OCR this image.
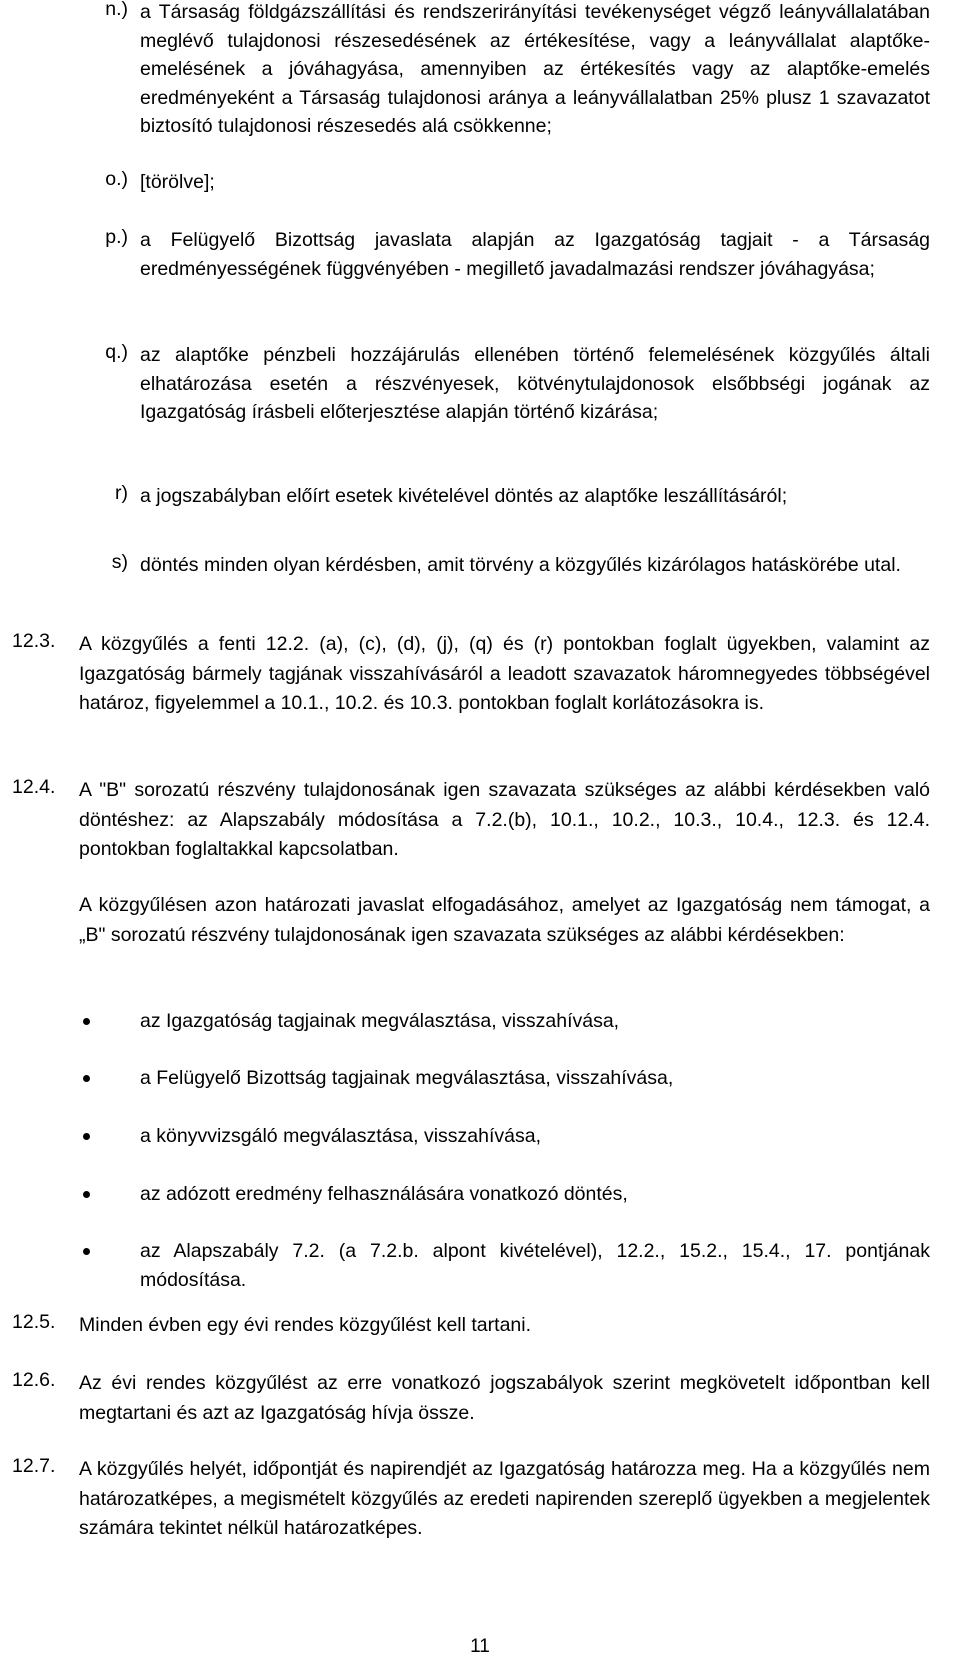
n.) a Társaság földgázszállítási és rendszerirányítási tevékenységet végző leányvállalatában meglévő tulajdonosi részesedésének az értékesítése, vagy a leányvállalat alaptőke-emelésének a jóváhagyása, amennyiben az értékesítés vagy az alaptőke-emelés eredményeként a Társaság tulajdonosi aránya a leányvállalatban 25% plusz 1 szavazatot biztosító tulajdonosi részesedés alá csökkenne;
o.) [törölve];
p.) a Felügyelő Bizottság javaslata alapján az Igazgatóság tagjait - a Társaság eredményességének függvényében - megillető javadalmazási rendszer jóváhagyása;
q.) az alaptőke pénzbeli hozzájárulás ellenében történő felemelésének közgyűlés általi elhatározása esetén a részvényesek, kötvénytulajdonosok elsőbbségi jogának az Igazgatóság írásbeli előterjesztése alapján történő kizárása;
r) a jogszabályban előírt esetek kivételével döntés az alaptőke leszállításáról;
s) döntés minden olyan kérdésben, amit törvény a közgyűlés kizárólagos hatáskörébe utal.
12.3.	A közgyűlés a fenti 12.2. (a), (c), (d), (j), (q) és (r) pontokban foglalt ügyekben, valamint az Igazgatóság bármely tagjának visszahívásáról a leadott szavazatok háromnegyedes többségével határoz, figyelemmel a 10.1., 10.2. és 10.3. pontokban foglalt korlátozásokra is.
12.4.	A "B" sorozatú részvény tulajdonosának igen szavazata szükséges az alábbi kérdésekben való döntéshez: az Alapszabály módosítása a 7.2.(b), 10.1., 10.2., 10.3., 10.4., 12.3. és 12.4. pontokban foglaltakkal kapcsolatban.
A közgyűlésen azon határozati javaslat elfogadásához, amelyet az Igazgatóság nem támogat, a „B" sorozatú részvény tulajdonosának igen szavazata szükséges az alábbi kérdésekben:
az Igazgatóság tagjainak megválasztása, visszahívása,
a Felügyelő Bizottság tagjainak megválasztása, visszahívása,
a könyvvizsgáló megválasztása, visszahívása,
az adózott eredmény felhasználására vonatkozó döntés,
az Alapszabály 7.2. (a 7.2.b. alpont kivételével), 12.2., 15.2., 15.4., 17. pontjának módosítása.
12.5.	Minden évben egy évi rendes közgyűlést kell tartani.
12.6.	Az évi rendes közgyűlést az erre vonatkozó jogszabályok szerint megkövetelt időpontban kell megtartani és azt az Igazgatóság hívja össze.
12.7.	A közgyűlés helyét, időpontját és napirendjét az Igazgatóság határozza meg. Ha a közgyűlés nem határozatképes, a megismételt közgyűlés az eredeti napirenden szereplő ügyekben a megjelentek számára tekintet nélkül határozatképes.
11
